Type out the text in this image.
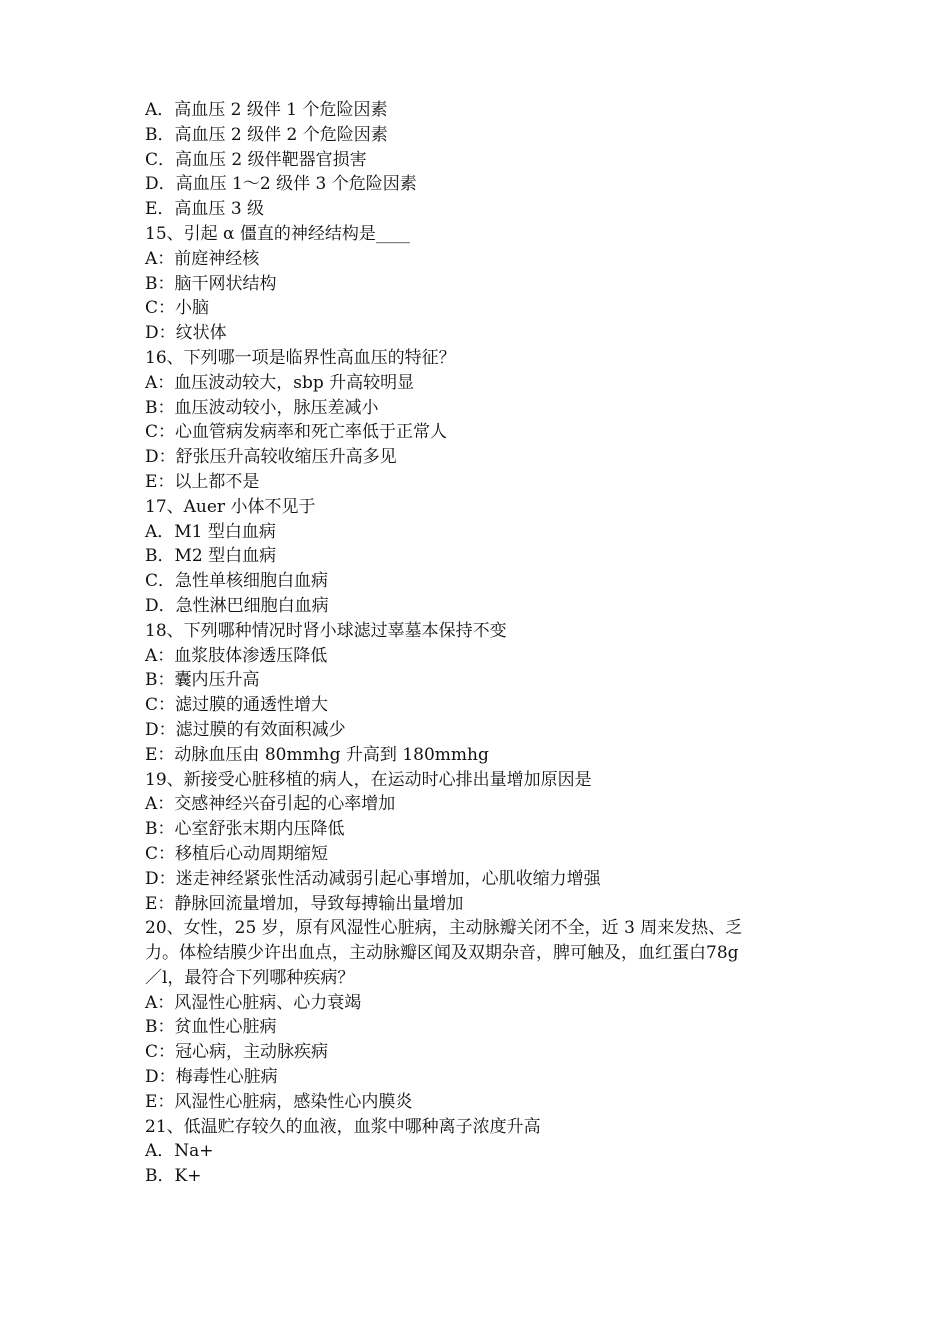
A．高血压 2 级伴 1 个危险因素
B．高血压 2 级伴 2 个危险因素
C．高血压 2 级伴靶器官损害
D．高血压 1～2 级伴 3 个危险因素
E．高血压 3 级
15、引起 α 僵直的神经结构是____
A：前庭神经核
B：脑干网状结构
C：小脑
D：纹状体
16、下列哪一项是临界性高血压的特征？
A：血压波动较大，sbp 升高较明显
B：血压波动较小，脉压差减小
C：心血管病发病率和死亡率低于正常人
D：舒张压升高较收缩压升高多见
E：以上都不是
17、Auer 小体不见于
A．M1 型白血病
B．M2 型白血病
C．急性单核细胞白血病
D．急性淋巴细胞白血病
18、下列哪种情况时肾小球滤过辜墓本保持不变
A：血浆肢体渗透压降低
B：囊内压升高
C：滤过膜的通透性增大
D：滤过膜的有效面积减少
E：动脉血压由 80mmhg 升高到 180mmhg
19、新接受心脏移植的病人，在运动时心排出量增加原因是
A：交感神经兴奋引起的心率增加
B：心室舒张末期内压降低
C：移植后心动周期缩短
D：迷走神经紧张性活动减弱引起心事增加，心肌收缩力增强
E：静脉回流量增加，导致每搏输出量增加
20、女性，25 岁，原有风湿性心脏病，主动脉瓣关闭不全，近 3 周来发热、乏
力。体检结膜少许出血点，主动脉瓣区闻及双期杂音，脾可触及，血红蛋白78g
／l，最符合下列哪种疾病？
A：风湿性心脏病、心力衰竭
B：贫血性心脏病
C：冠心病，主动脉疾病
D：梅毒性心脏病
E：风湿性心脏病，感染性心内膜炎
21、低温贮存较久的血液，血浆中哪种离子浓度升高
A．Na+
B．K+
